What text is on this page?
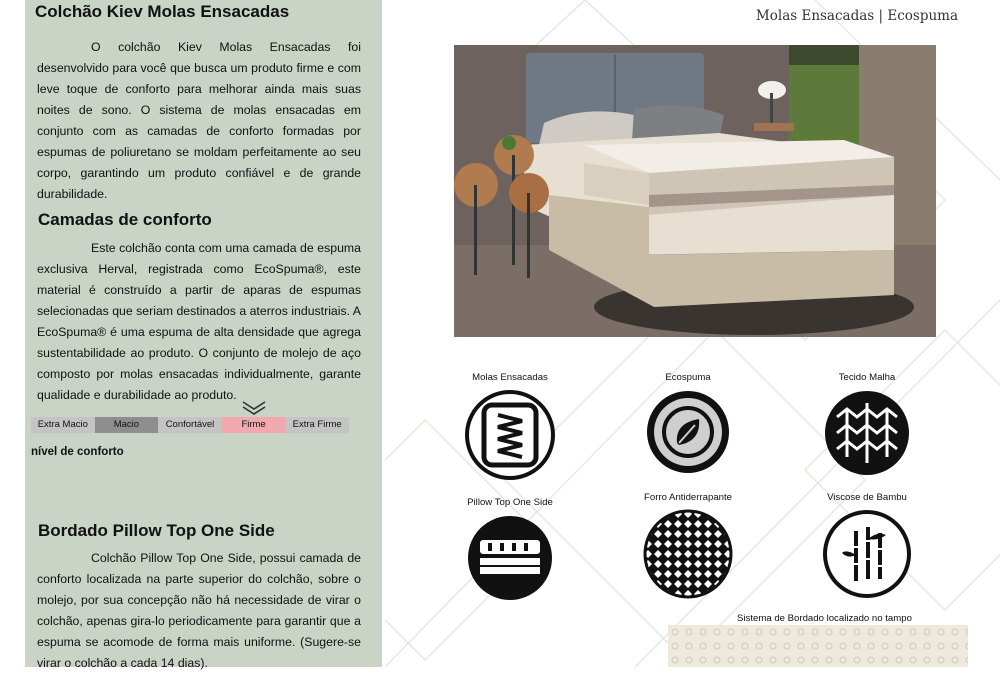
Colchão Kiev Molas Ensacadas

O colchão Kiev Molas Ensacadas foi desenvolvido para você que busca um produto firme e com leve toque de conforto para melhorar ainda mais suas noites de sono. O sistema de molas ensacadas em conjunto com as camadas de conforto formadas por espumas de poliuretano se moldam perfeitamente ao seu corpo, garantindo um produto confiável e de grande durabilidade.

Camadas de conforto

Este colchão conta com uma camada de espuma exclusiva Herval, registrada como EcoSpuma®, este material é construído a partir de aparas de espumas selecionadas que seriam destinados a aterros industriais. A EcoSpuma® é uma espuma de alta densidade que agrega sustentabilidade ao produto. O conjunto de molejo de aço composto por molas ensacadas individualmente, garante qualidade e durabilidade ao produto.

Extra Macio	Macio	Confortável	Firme	Extra Firme
nível de conforto
Bordado Pillow Top One Side

Colchão Pillow Top One Side, possui camada de conforto localizada na parte superior do colchão, sobre o molejo, por sua concepção não há necessidade de virar o colchão, apenas gira-lo periodicamente para garantir que a espuma se acomode de forma mais uniforme. (Sugere-se virar o colchão a cada 14 dias).

Molas Ensacadas | Ecospuma
Molas Ensacadas	Ecospuma	Tecido Malha
Pillow Top One Side	Forro Antiderrapante	Viscose de Bambu
Sistema de Bordado localizado no tampo
